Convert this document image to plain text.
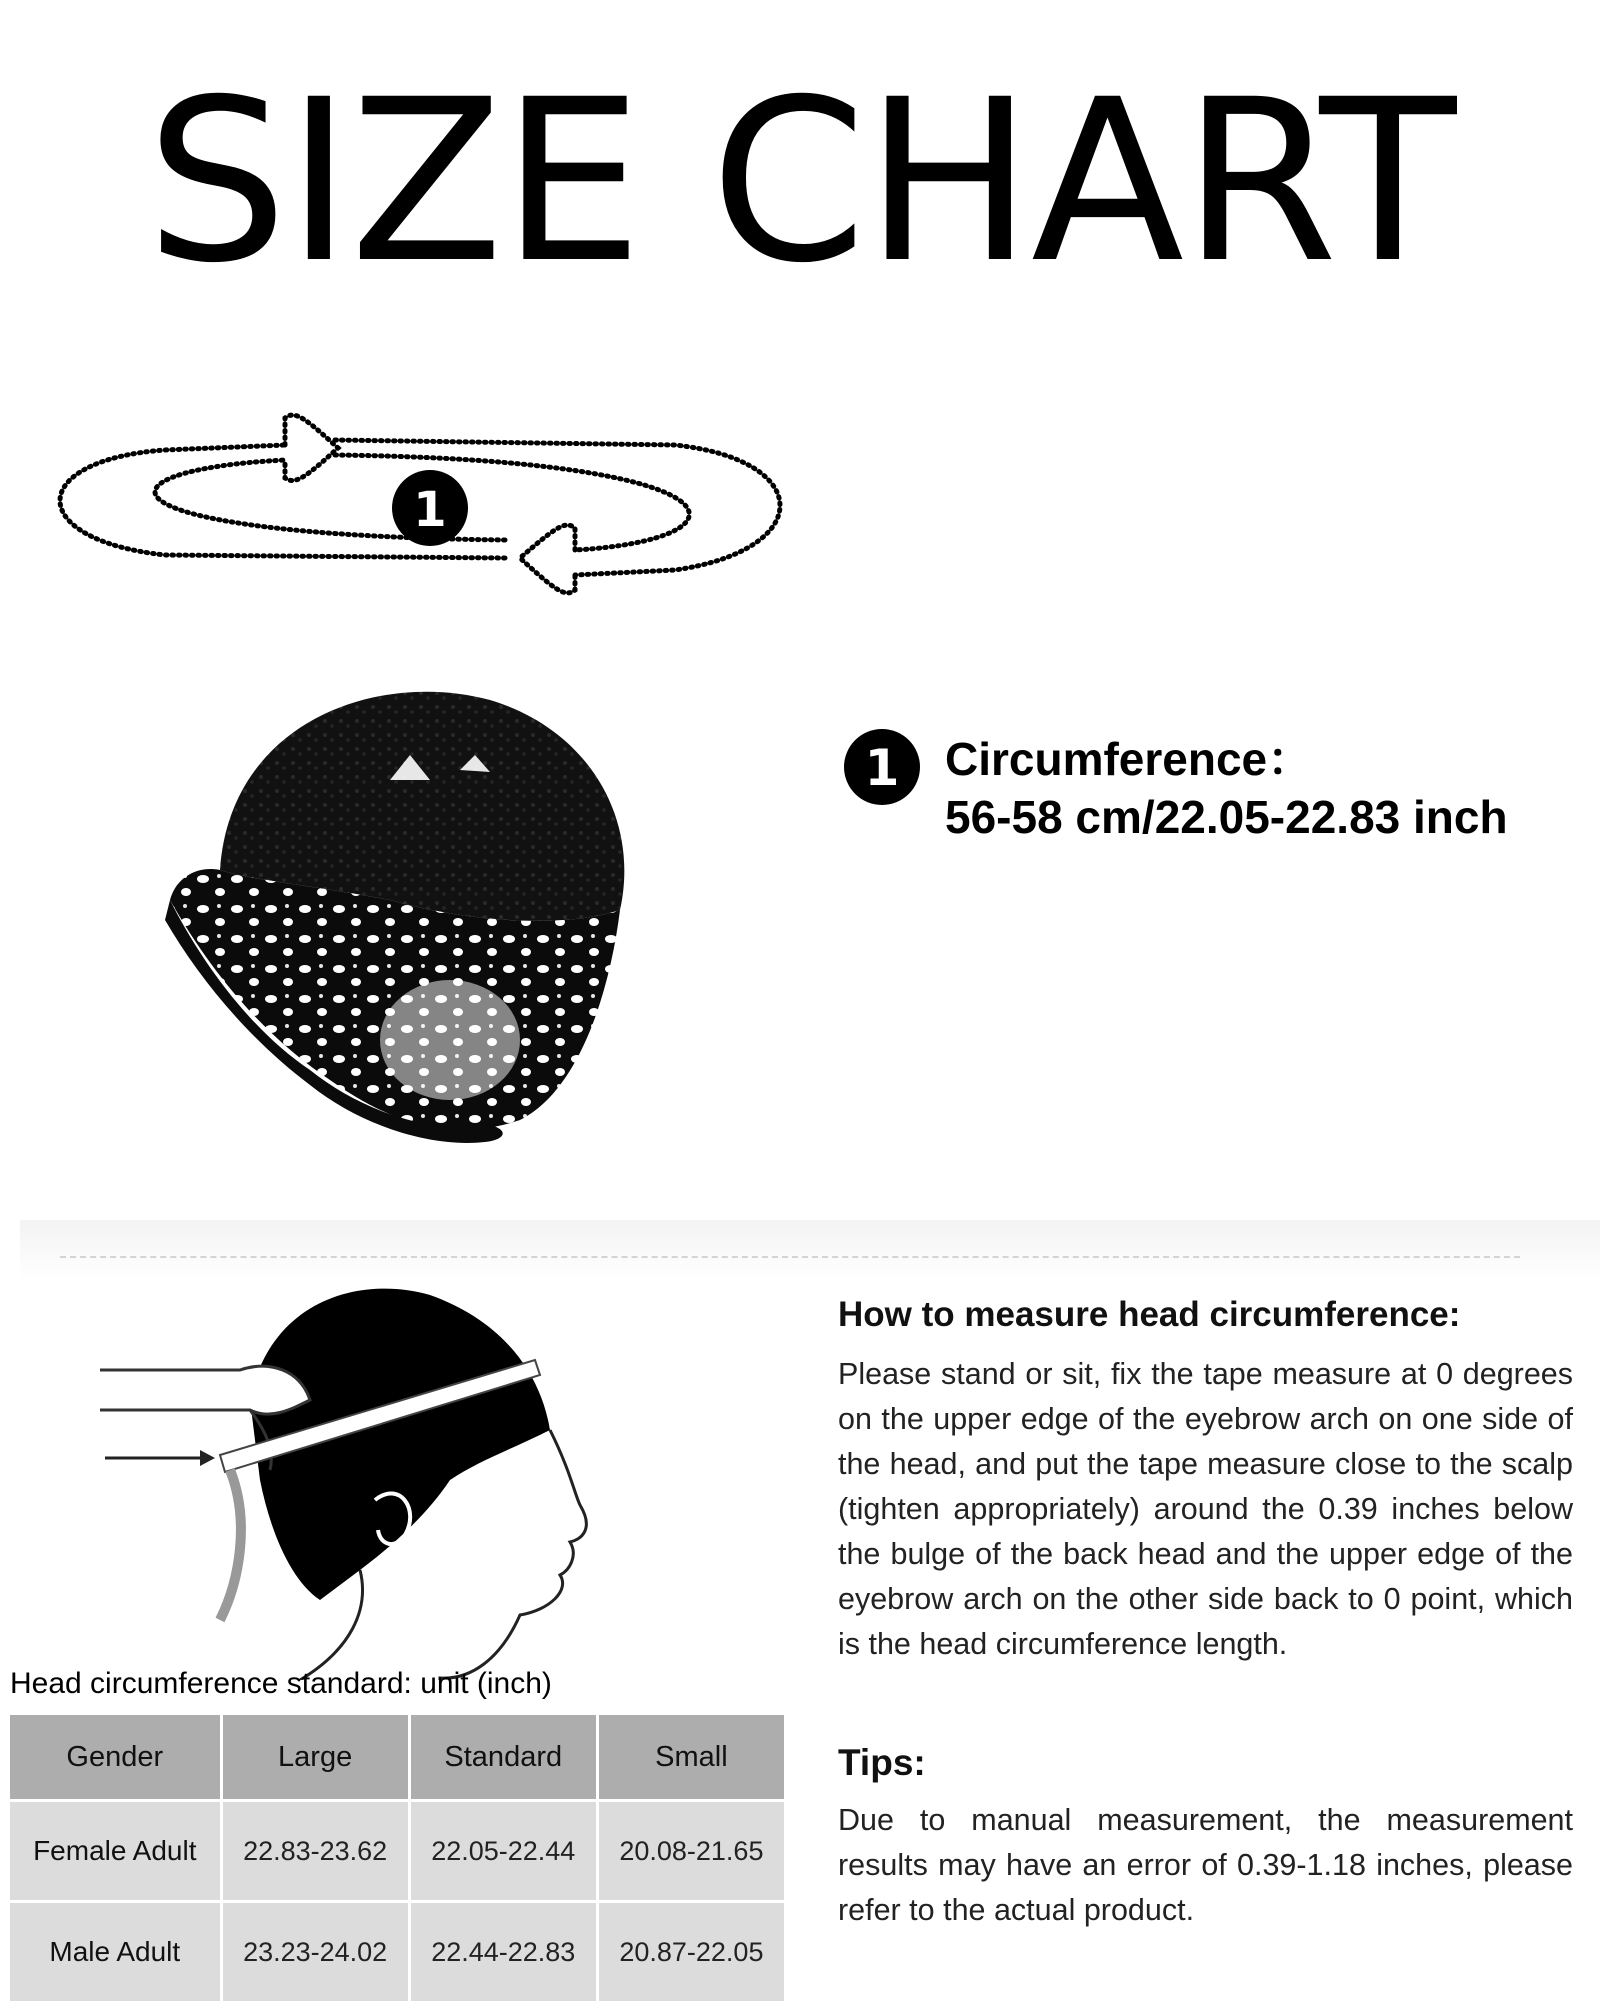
SIZE CHART
1
1 Circumference：
56-58 cm/22.05-22.83 inch
Head circumference standard: unit (inch)
Gender	Large	Standard	Small
Female Adult	22.83-23.62	22.05-22.44	20.08-21.65
Male Adult	23.23-24.02	22.44-22.83	20.87-22.05
How to measure head circumference:

Please stand or sit, fix the tape measure at 0 degrees on the upper edge of the eyebrow arch on one side of the head, and put the tape measure close to the scalp (tighten appropriately) around the 0.39 inches below the bulge of the back head and the upper edge of the eyebrow arch on the other side back to 0 point, which is the head circumference length.

Tips:

Due to manual measurement, the measurement results may have an error of 0.39-1.18 inches, please refer to the actual product.
